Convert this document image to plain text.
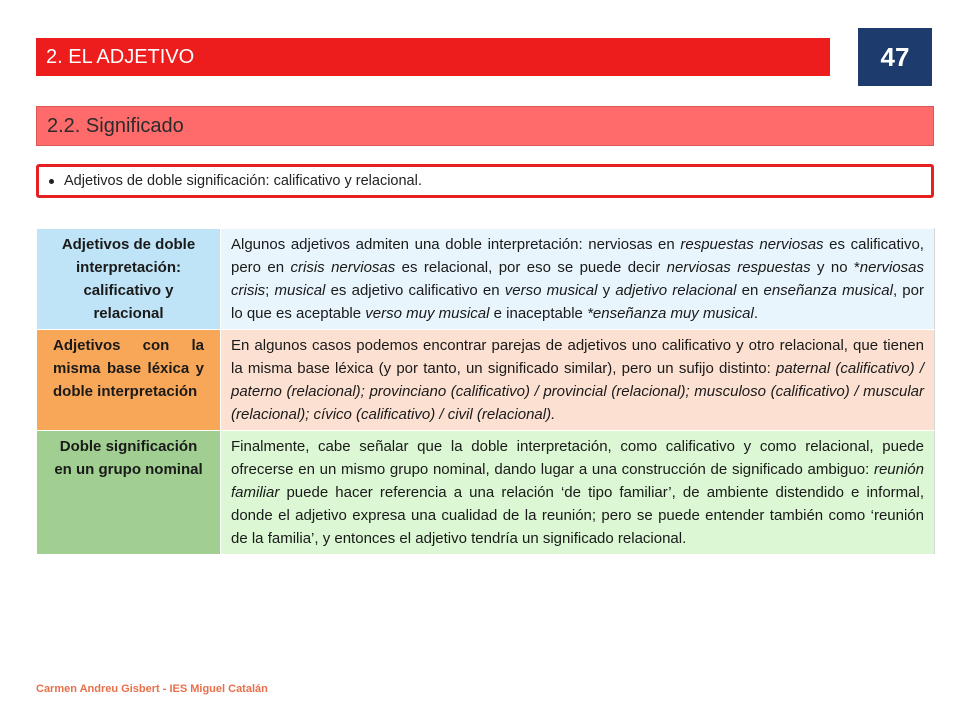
2. EL ADJETIVO	47
2.2. Significado
Adjetivos de doble significación: calificativo y relacional.
Adjetivos de doble interpretación: calificativo y relacional	Algunos adjetivos admiten una doble interpretación: nerviosas en respuestas nerviosas es calificativo, pero en crisis nerviosas es relacional, por eso se puede decir nerviosas respuestas y no *nerviosas crisis; musical es adjetivo calificativo en verso musical y adjetivo relacional en enseñanza musical, por lo que es aceptable verso muy musical e inaceptable *enseñanza muy musical.
Adjetivos con la misma base léxica y doble interpretación	En algunos casos podemos encontrar parejas de adjetivos uno calificativo y otro relacional, que tienen la misma base léxica (y por tanto, un significado similar), pero un sufijo distinto: paternal (calificativo) / paterno (relacional); provinciano (calificativo) / provincial (relacional); musculoso (calificativo) / muscular (relacional); cívico (calificativo) / civil (relacional).
Doble significación en un grupo nominal	Finalmente, cabe señalar que la doble interpretación, como calificativo y como relacional, puede ofrecerse en un mismo grupo nominal, dando lugar a una construcción de significado ambiguo: reunión familiar puede hacer referencia a una relación ‘de tipo familiar’, de ambiente distendido e informal, donde el adjetivo expresa una cualidad de la reunión; pero se puede entender también como ‘reunión de la familia’, y entonces el adjetivo tendría un significado relacional.
Carmen Andreu Gisbert - IES Miguel Catalán
